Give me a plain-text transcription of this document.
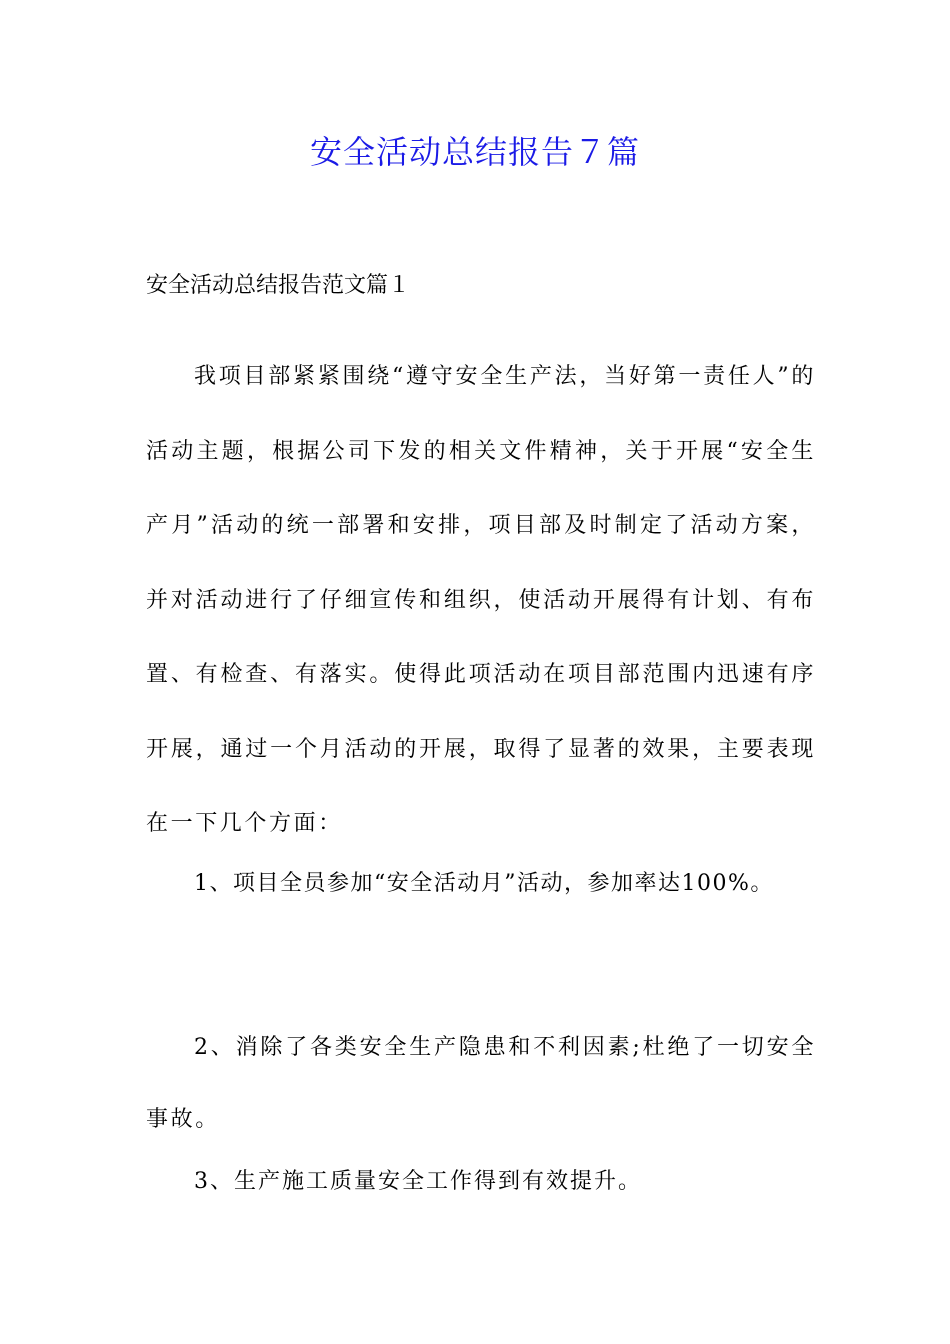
安全活动总结报告７篇

安全活动总结报告范文篇１

我项目部紧紧围绕“遵守安全生产法，当好第一责任人”的活动主题，根据公司下发的相关文件精神，关于开展“安全生产月”活动的统一部署和安排，项目部及时制定了活动方案，并对活动进行了仔细宣传和组织，使活动开展得有计划、有布置、有检查、有落实。使得此项活动在项目部范围内迅速有序开展，通过一个月活动的开展，取得了显著的效果，主要表现在一下几个方面：

1、项目全员参加“安全活动月”活动，参加率达100%。

2、消除了各类安全生产隐患和不利因素;杜绝了一切安全事故。

3、生产施工质量安全工作得到有效提升。
